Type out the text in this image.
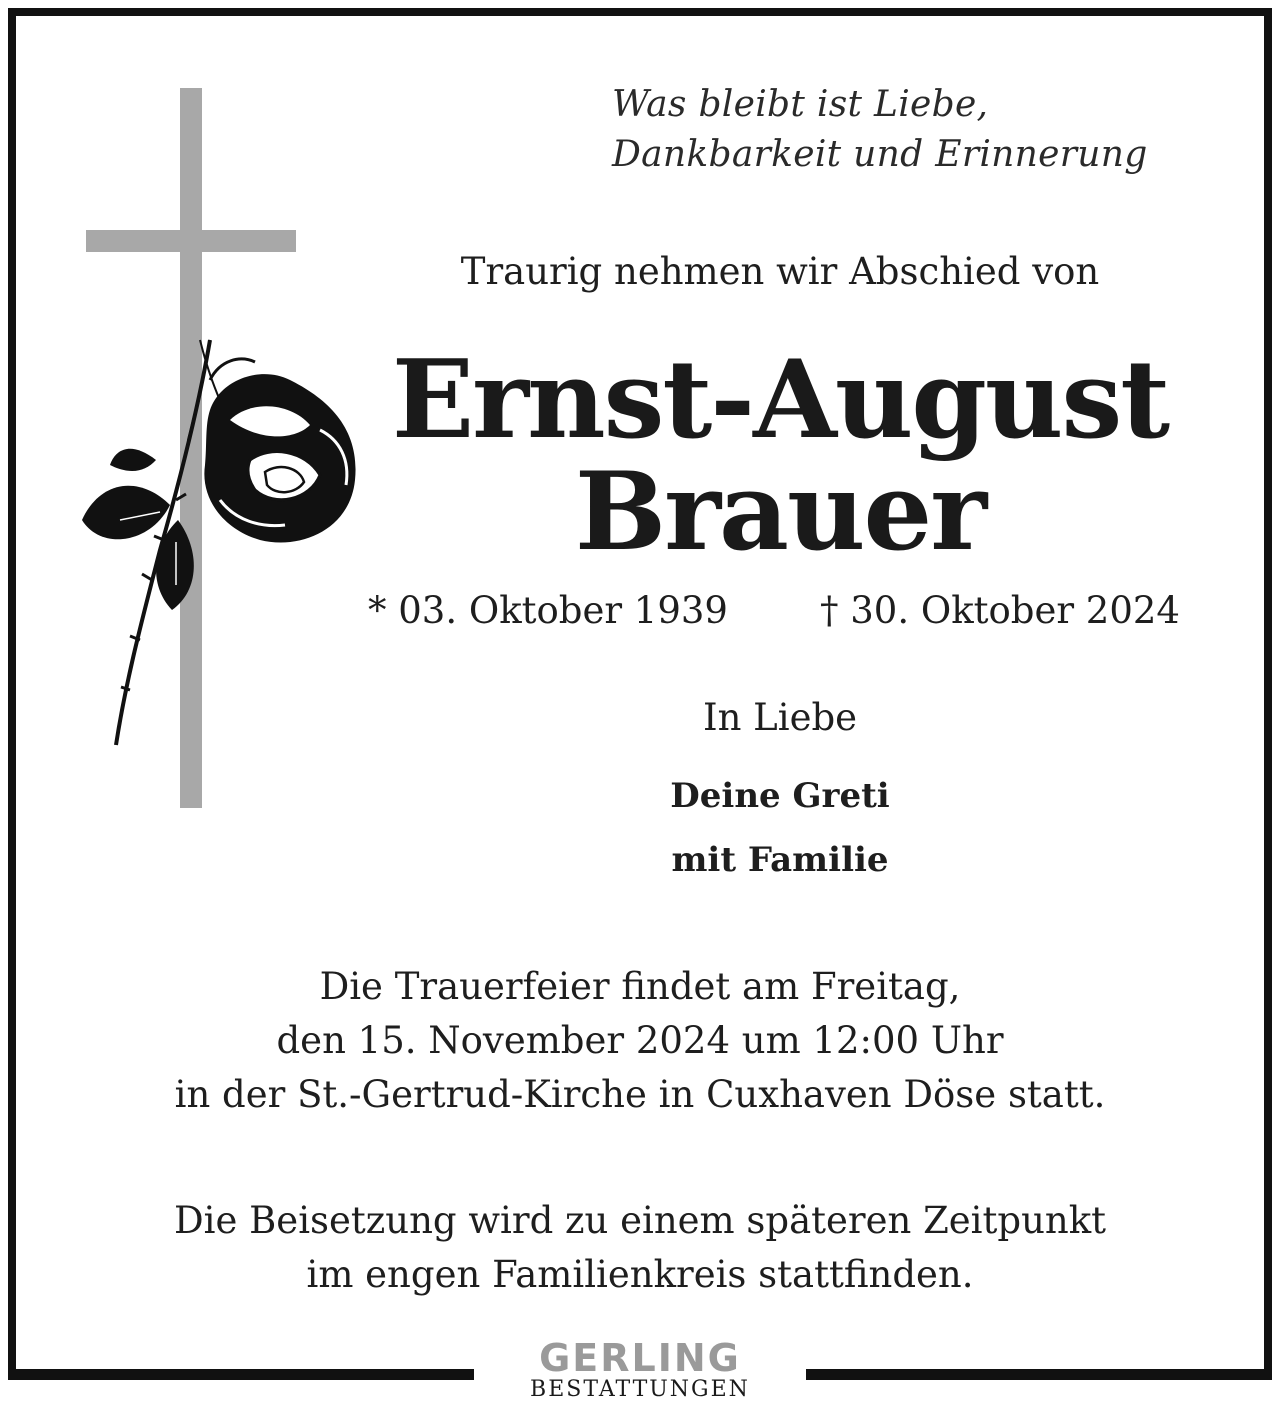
Was bleibt ist Liebe,
Dankbarkeit und Erinnerung
Traurig nehmen wir Abschied von
Ernst-August
Brauer
* 03. Oktober 1939 † 30. Oktober 2024
In Liebe
Deine Greti
mit Familie
Die Trauerfeier findet am Freitag,
den 15. November 2024 um 12:00 Uhr
in der St.-Gertrud-Kirche in Cuxhaven Döse statt.
Die Beisetzung wird zu einem späteren Zeitpunkt
im engen Familienkreis stattfinden.
GERLING
BESTATTUNGEN
